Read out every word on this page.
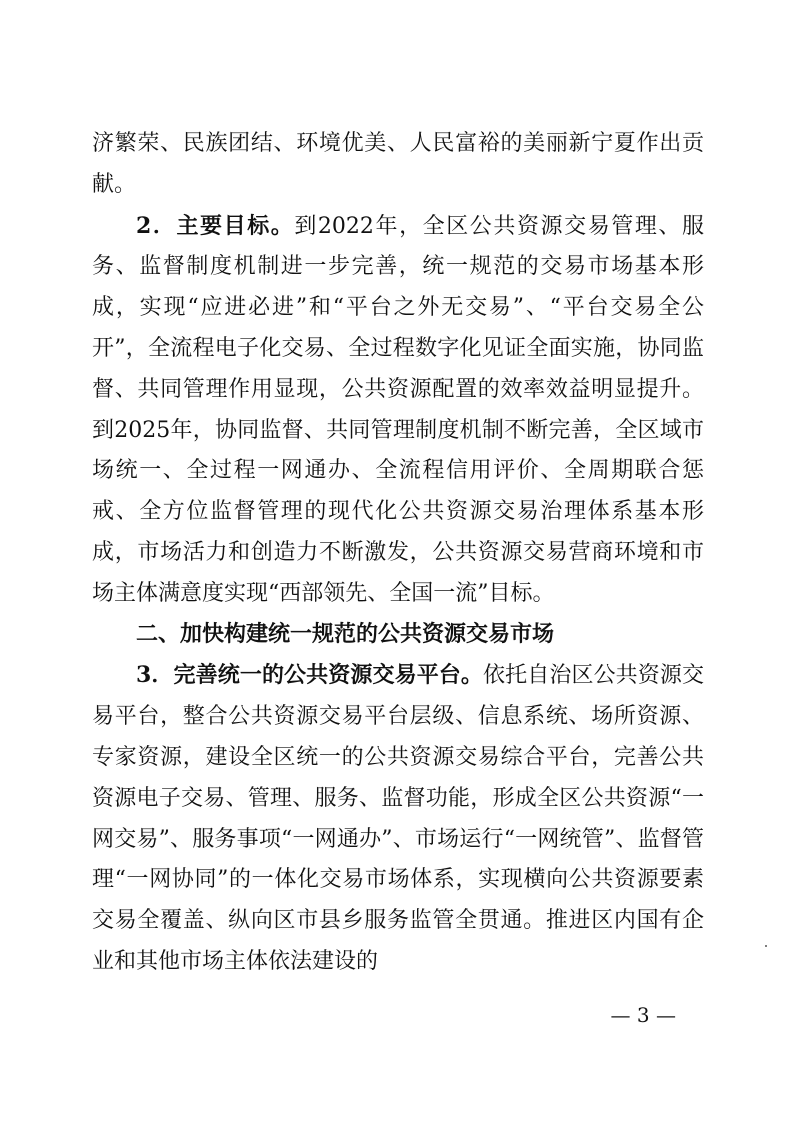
济繁荣、民族团结、环境优美、人民富裕的美丽新宁夏作出贡献。

2．主要目标。到2022年，全区公共资源交易管理、服务、监督制度机制进一步完善，统一规范的交易市场基本形成，实现“应进必进”和“平台之外无交易”、“平台交易全公开”，全流程电子化交易、全过程数字化见证全面实施，协同监督、共同管理作用显现，公共资源配置的效率效益明显提升。到2025年，协同监督、共同管理制度机制不断完善，全区域市场统一、全过程一网通办、全流程信用评价、全周期联合惩戒、全方位监督管理的现代化公共资源交易治理体系基本形成，市场活力和创造力不断激发，公共资源交易营商环境和市场主体满意度实现“西部领先、全国一流”目标。

二、加快构建统一规范的公共资源交易市场

3．完善统一的公共资源交易平台。依托自治区公共资源交易平台，整合公共资源交易平台层级、信息系统、场所资源、专家资源，建设全区统一的公共资源交易综合平台，完善公共资源电子交易、管理、服务、监督功能，形成全区公共资源“一网交易”、服务事项“一网通办”、市场运行“一网统管”、监督管理“一网协同”的一体化交易市场体系，实现横向公共资源要素交易全覆盖、纵向区市县乡服务监管全贯通。推进区内国有企业和其他市场主体依法建设的

— 3 —
